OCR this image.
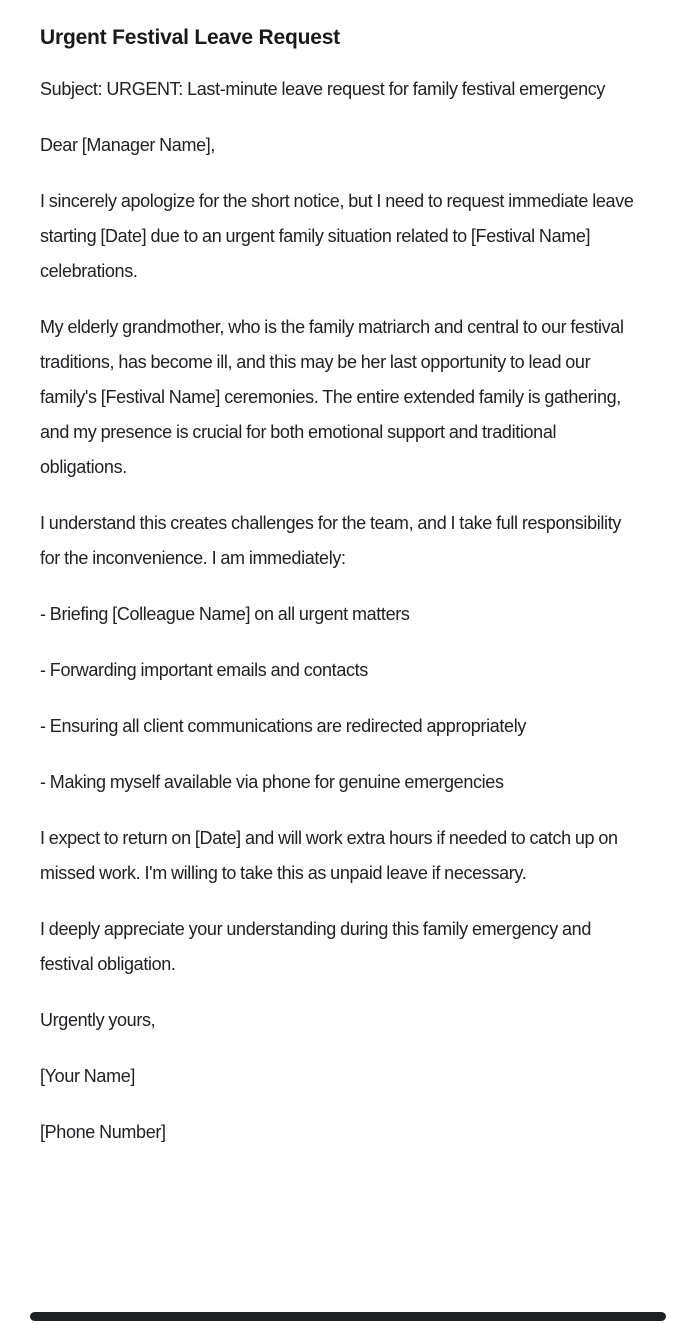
Urgent Festival Leave Request

Subject: URGENT: Last-minute leave request for family festival emergency

Dear [Manager Name],

I sincerely apologize for the short notice, but I need to request immediate leave starting [Date] due to an urgent family situation related to [Festival Name] celebrations.

My elderly grandmother, who is the family matriarch and central to our festival traditions, has become ill, and this may be her last opportunity to lead our family's [Festival Name] ceremonies. The entire extended family is gathering, and my presence is crucial for both emotional support and traditional obligations.

I understand this creates challenges for the team, and I take full responsibility for the inconvenience. I am immediately:

- Briefing [Colleague Name] on all urgent matters

- Forwarding important emails and contacts

- Ensuring all client communications are redirected appropriately

- Making myself available via phone for genuine emergencies

I expect to return on [Date] and will work extra hours if needed to catch up on missed work. I'm willing to take this as unpaid leave if necessary.

I deeply appreciate your understanding during this family emergency and festival obligation.

Urgently yours,

[Your Name]

[Phone Number]
